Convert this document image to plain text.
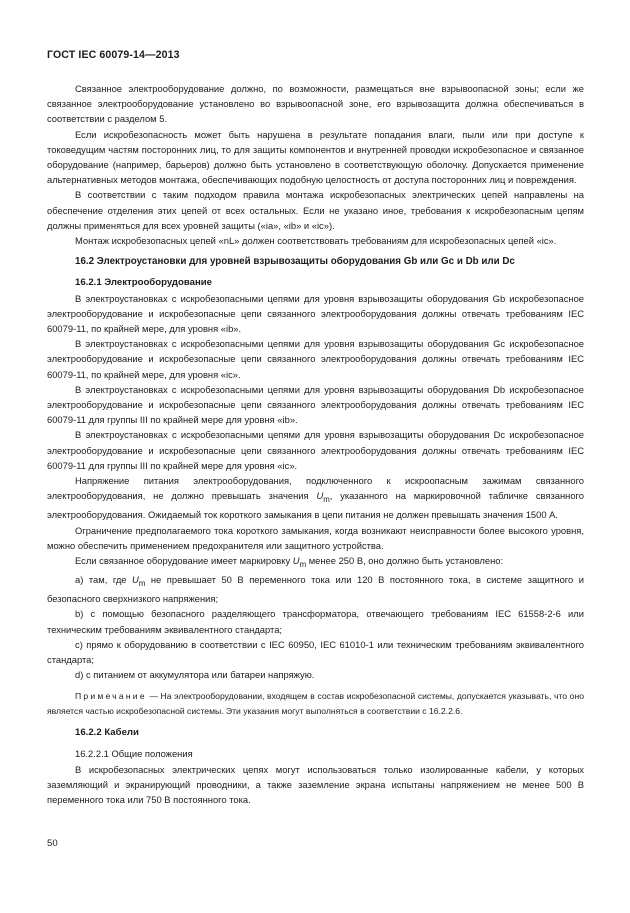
ГОСТ IEC 60079-14—2013

Связанное электрооборудование должно, по возможности, размещаться вне взрывоопасной зоны; если же связанное электрооборудование установлено во взрывоопасной зоне, его взрывозащита должна обеспечиваться в соответствии с разделом 5.

Если искробезопасность может быть нарушена в результате попадания влаги, пыли или при доступе к токоведущим частям посторонних лиц, то для защиты компонентов и внутренней проводки искробезопасное и связанное оборудование (например, барьеров) должно быть установлено в соответствующую оболочку. Допускается применение альтернативных методов монтажа, обеспечивающих подобную целостность от доступа посторонних лиц и повреждения.

В соответствии с таким подходом правила монтажа искробезопасных электрических цепей направлены на обеспечение отделения этих цепей от всех остальных. Если не указано иное, требования к искробезопасным цепям должны применяться для всех уровней защиты («ia», «ib» и «ic»).

Монтаж искробезопасных цепей «nL» должен соответствовать требованиям для искробезопасных цепей «ic».

16.2 Электроустановки для уровней взрывозащиты оборудования Gb или Gc и Db или Dc
16.2.1 Электрооборудование

В электроустановках с искробезопасными цепями для уровня взрывозащиты оборудования Gb искробезопасное электрооборудование и искробезопасные цепи связанного электрооборудования должны отвечать требованиям IEC 60079-11, по крайней мере, для уровня «ib».

В электроустановках с искробезопасными цепями для уровня взрывозащиты оборудования Gc искробезопасное электрооборудование и искробезопасные цепи связанного электрооборудования должны отвечать требованиям IEC 60079-11, по крайней мере, для уровня «ic».

В электроустановках с искробезопасными цепями для уровня взрывозащиты оборудования Db искробезопасное электрооборудование и искробезопасные цепи связанного электрооборудования должны отвечать требованиям IEC 60079-11 для группы III по крайней мере для уровня «ib».

В электроустановках с искробезопасными цепями для уровня взрывозащиты оборудования Dc искробезопасное электрооборудование и искробезопасные цепи связанного электрооборудования должны отвечать требованиям IEC 60079-11 для группы III по крайней мере для уровня «ic».

Напряжение питания электрооборудования, подключенного к искроопасным зажимам связанного электрооборудования, не должно превышать значения $U_m$, указанного на маркировочной табличке связанного электрооборудования. Ожидаемый ток короткого замыкания в цепи питания не должен превышать значения 1500 А.

Ограничение предполагаемого тока короткого замыкания, когда возникают неисправности более высокого уровня, можно обеспечить применением предохранителя или защитного устройства.

Если связанное оборудование имеет маркировку $U_m$ менее 250 В, оно должно быть установлено:

а) там, где $U_m$ не превышает 50 В переменного тока или 120 В постоянного тока, в системе защитного и безопасного сверхнизкого напряжения;

b) с помощью безопасного разделяющего трансформатора, отвечающего требованиям IEC 61558-2-6 или техническим требованиям эквивалентного стандарта;

с) прямо к оборудованию в соответствии с IEC 60950, IEC 61010-1 или техническим требованиям эквивалентного стандарта;

d) с питанием от аккумулятора или батареи напряжую.

Примечание — На электрооборудовании, входящем в состав искробезопасной системы, допускается указывать, что оно является частью искробезопасной системы. Эти указания могут выполняться в соответствии с 16.2.2.6.

16.2.2 Кабели
16.2.2.1 Общие положения

В искробезопасных электрических цепях могут использоваться только изолированные кабели, у которых заземляющий и экранирующий проводники, а также заземление экрана испытаны напряжением не менее 500 В переменного тока или 750 В постоянного тока.

50
